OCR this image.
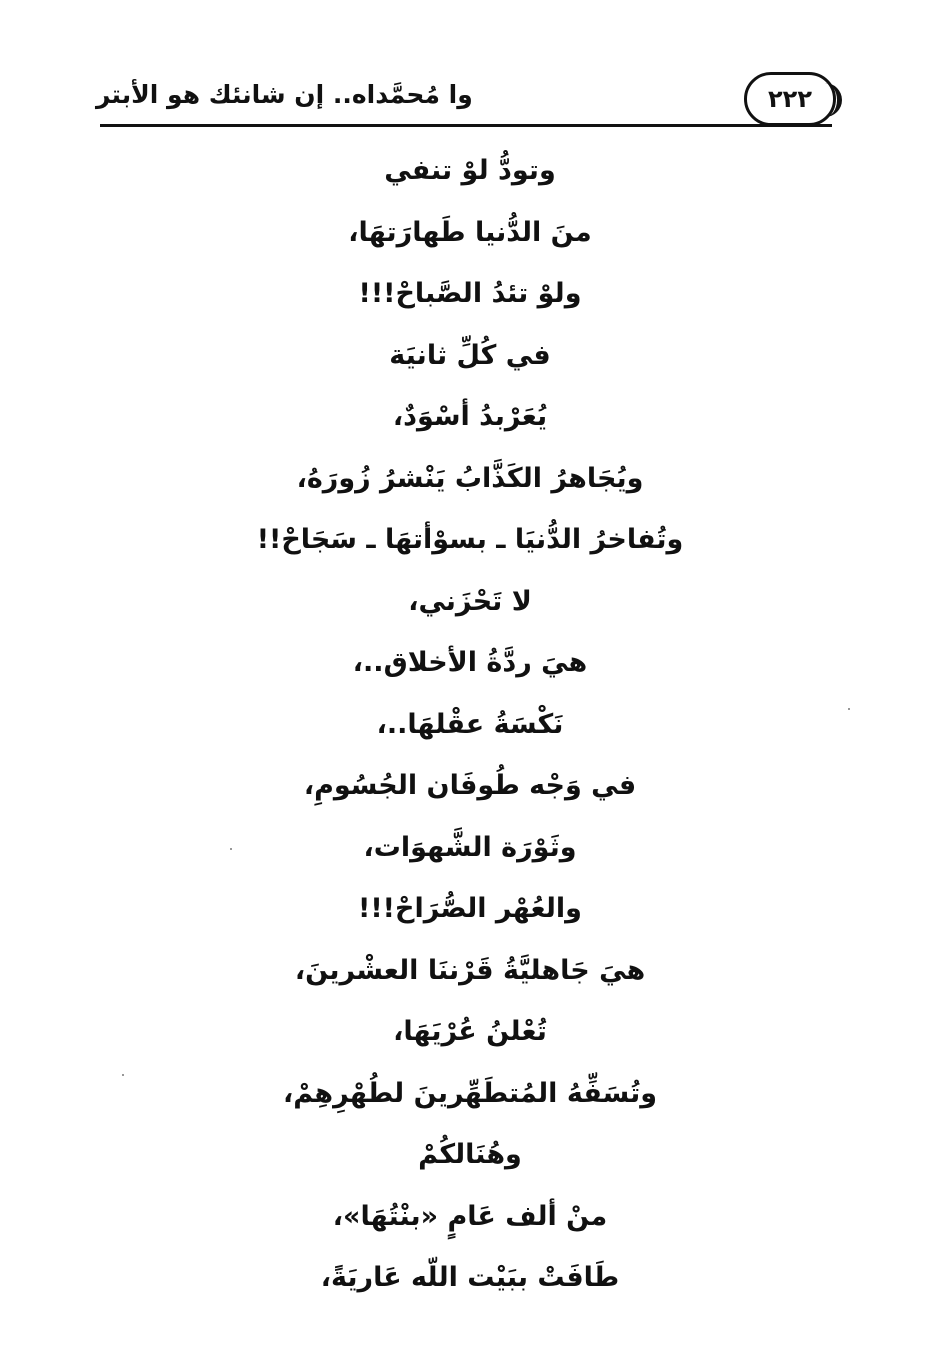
وا مُحمَّداه.. إن شانئك هو الأبتر	٢٢٢
وتودُّ لوْ تنفي
منَ الدُّنيا طَهارَتهَا،
ولوْ تئدُ الصَّباحْ!!!
في كُلِّ ثانيَة
يُعَرْبدُ أسْوَدٌ،
ويُجَاهرُ الكَذَّابُ يَنْشرُ زُورَهُ،
وتُفاخرُ الدُّنيَا ـ بسوْأتهَا ـ سَجَاحْ!!
لا تَحْزَني،
هيَ ردَّةُ الأخلاق..،
نَكْسَةُ عقْلهَا..،
في وَجْه طُوفَان الجُسُومِ،
وثَوْرَة الشَّهوَات،
والعُهْر الصُّرَاحْ!!!
هيَ جَاهليَّةُ قَرْننَا العشْرينَ،
تُعْلنُ عُرْيَهَا،
وتُسَفِّهُ المُتطَهِّرينَ لطُهْرِهِمْ،
وهُنَالكُمْ
منْ ألف عَامٍ «بنْتُهَا»،
طَافَتْ ببَيْت اللّه عَاريَةً،
